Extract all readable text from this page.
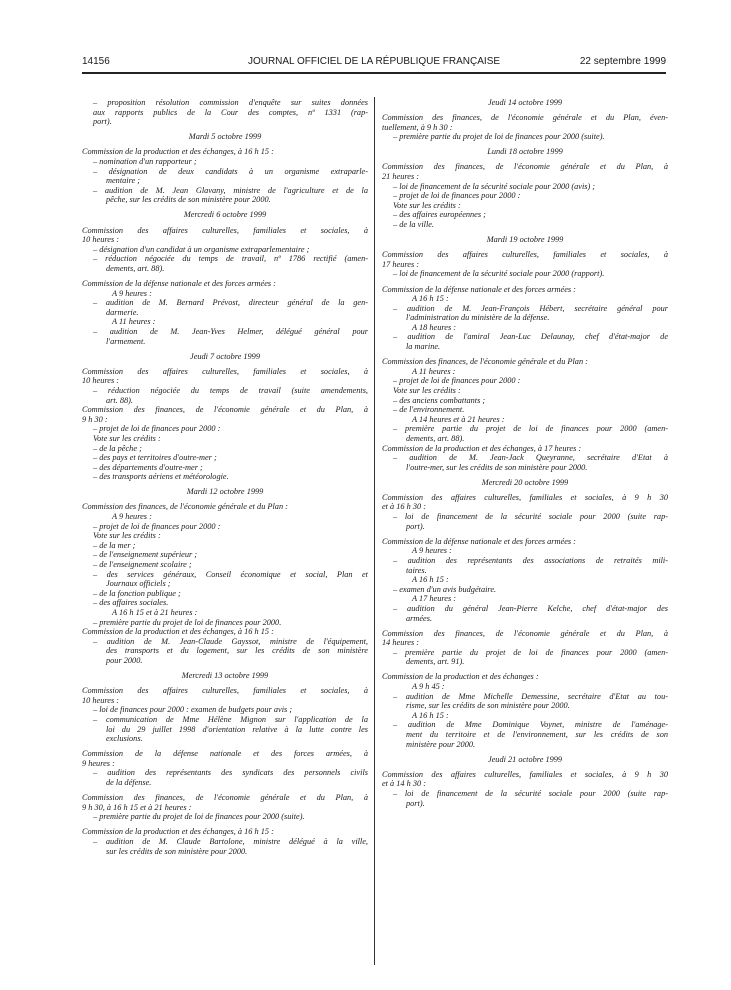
14156	JOURNAL OFFICIEL DE LA RÉPUBLIQUE FRANÇAISE	22 septembre 1999
– proposition résolution commission d'enquête sur suites données
aux rapports publics de la Cour des comptes, nº 1331 (rap-
port).
Mardi 5 octobre 1999
Commission de la production et des échanges, à 16 h 15 :
– nomination d'un rapporteur ;
– désignation de deux candidats à un organisme extraparle-
mentaire ;
– audition de M. Jean Glavany, ministre de l'agriculture et de la
pêche, sur les crédits de son ministère pour 2000.
Mercredi 6 octobre 1999
Commission des affaires culturelles, familiales et sociales, à
10 heures :
– désignation d'un candidat à un organisme extraparlementaire ;
– réduction négociée du temps de travail, nº 1786 rectifié (amen-
dements, art. 88).
Commission de la défense nationale et des forces armées :
A 9 heures :
– audition de M. Bernard Prévost, directeur général de la gen-
darmerie.
A 11 heures :
– audition de M. Jean-Yves Helmer, délégué général pour
l'armement.
Jeudi 7 octobre 1999
Commission des affaires culturelles, familiales et sociales, à
10 heures :
– réduction négociée du temps de travail (suite amendements,
art. 88).
Commission des finances, de l'économie générale et du Plan, à
9 h 30 :
– projet de loi de finances pour 2000 :
Vote sur les crédits :
– de la pêche ;
– des pays et territoires d'outre-mer ;
– des départements d'outre-mer ;
– des transports aériens et météorologie.
Mardi 12 octobre 1999
Commission des finances, de l'économie générale et du Plan :
A 9 heures :
– projet de loi de finances pour 2000 :
Vote sur les crédits :
– de la mer ;
– de l'enseignement supérieur ;
– de l'enseignement scolaire ;
– des services généraux, Conseil économique et social, Plan et
Journaux officiels ;
– de la fonction publique ;
– des affaires sociales.
A 16 h 15 et à 21 heures :
– première partie du projet de loi de finances pour 2000.
Commission de la production et des échanges, à 16 h 15 :
– audition de M. Jean-Claude Gayssot, ministre de l'équipement,
des transports et du logement, sur les crédits de son ministère
pour 2000.
Mercredi 13 octobre 1999
Commission des affaires culturelles, familiales et sociales, à
10 heures :
– loi de finances pour 2000 : examen de budgets pour avis ;
– communication de Mme Hélène Mignon sur l'application de la
loi du 29 juillet 1998 d'orientation relative à la lutte contre les
exclusions.
Commission de la défense nationale et des forces armées, à
9 heures :
– audition des représentants des syndicats des personnels civils
de la défense.
Commission des finances, de l'économie générale et du Plan, à
9 h 30, à 16 h 15 et à 21 heures :
– première partie du projet de loi de finances pour 2000 (suite).
Commission de la production et des échanges, à 16 h 15 :
– audition de M. Claude Bartolone, ministre délégué à la ville,
sur les crédits de son ministère pour 2000.
Jeudi 14 octobre 1999
Commission des finances, de l'économie générale et du Plan, éven-
tuellement, à 9 h 30 :
– première partie du projet de loi de finances pour 2000 (suite).
Lundi 18 octobre 1999
Commission des finances, de l'économie générale et du Plan, à
21 heures :
– loi de financement de la sécurité sociale pour 2000 (avis) ;
– projet de loi de finances pour 2000 :
Vote sur les crédits :
– des affaires européennes ;
– de la ville.
Mardi 19 octobre 1999
Commission des affaires culturelles, familiales et sociales, à
17 heures :
– loi de financement de la sécurité sociale pour 2000 (rapport).
Commission de la défense nationale et des forces armées :
A 16 h 15 :
– audition de M. Jean-François Hébert, secrétaire général pour
l'administration du ministère de la défense.
A 18 heures :
– audition de l'amiral Jean-Luc Delaunay, chef d'état-major de
la marine.
Commission des finances, de l'économie générale et du Plan :
A 11 heures :
– projet de loi de finances pour 2000 :
Vote sur les crédits :
– des anciens combattants ;
– de l'environnement.
A 14 heures et à 21 heures :
– première partie du projet de loi de finances pour 2000 (amen-
dements, art. 88).
Commission de la production et des échanges, à 17 heures :
– audition de M. Jean-Jack Queyranne, secrétaire d'Etat à
l'outre-mer, sur les crédits de son ministère pour 2000.
Mercredi 20 octobre 1999
Commission des affaires culturelles, familiales et sociales, à 9 h 30
et à 16 h 30 :
– loi de financement de la sécurité sociale pour 2000 (suite rap-
port).
Commission de la défense nationale et des forces armées :
A 9 heures :
– audition des représentants des associations de retraités mili-
taires.
A 16 h 15 :
– examen d'un avis budgétaire.
A 17 heures :
– audition du général Jean-Pierre Kelche, chef d'état-major des
armées.
Commission des finances, de l'économie générale et du Plan, à
14 heures :
– première partie du projet de loi de finances pour 2000 (amen-
dements, art. 91).
Commission de la production et des échanges :
A 9 h 45 :
– audition de Mme Michelle Demessine, secrétaire d'Etat au tou-
risme, sur les crédits de son ministère pour 2000.
A 16 h 15 :
– audition de Mme Dominique Voynet, ministre de l'aménage-
ment du territoire et de l'environnement, sur les crédits de son
ministère pour 2000.
Jeudi 21 octobre 1999
Commission des affaires culturelles, familiales et sociales, à 9 h 30
et à 14 h 30 :
– loi de financement de la sécurité sociale pour 2000 (suite rap-
port).
